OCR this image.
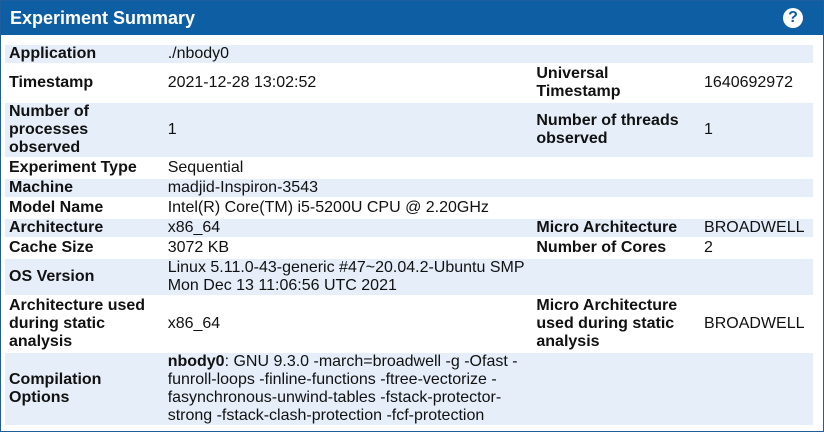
Experiment Summary	?
Application	./nbody0		
Timestamp	2021-12-28 13:02:52	Universal Timestamp	1640692972
Number of processes observed	1	Number of threads observed	1
Experiment Type	Sequential		
Machine	madjid-Inspiron-3543		
Model Name	Intel(R) Core(TM) i5-5200U CPU @ 2.20GHz		
Architecture	x86_64	Micro Architecture	BROADWELL
Cache Size	3072 KB	Number of Cores	2
OS Version	Linux 5.11.0-43-generic #47~20.04.2-Ubuntu SMP Mon Dec 13 11:06:56 UTC 2021		
Architecture used during static analysis	x86_64	Micro Architecture used during static analysis	BROADWELL
Compilation Options	nbody0: GNU 9.3.0 -march=broadwell -g -Ofast -funroll-loops -finline-functions -ftree-vectorize -fasynchronous-unwind-tables -fstack-protector-strong -fstack-clash-protection -fcf-protection		
